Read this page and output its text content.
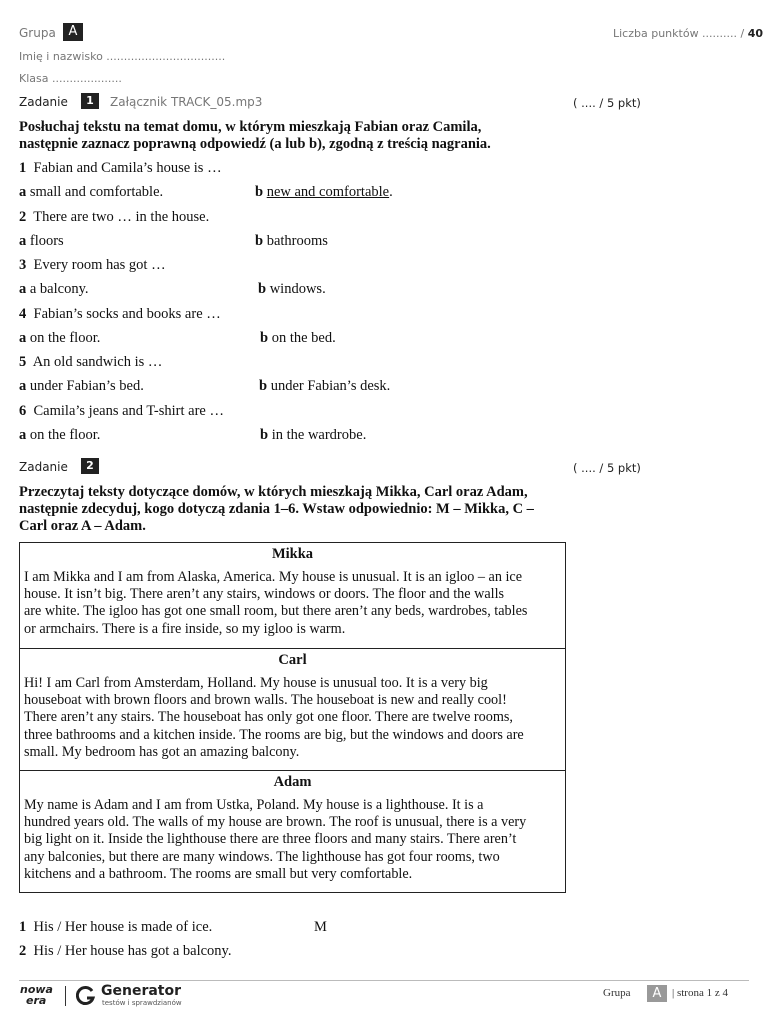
Grupa A	Liczba punktów .......... / 40
Imię i nazwisko ..................................
Klasa ....................
Zadanie	1	Załącznik TRACK_05.mp3	( .... / 5 pkt)
Posłuchaj tekstu na temat domu, w którym mieszkają Fabian oraz Camila,
następnie zaznacz poprawną odpowiedź (a lub b), zgodną z treścią nagrania.
1 Fabian and Camila’s house is …
a small and comfortable.	b new and comfortable.
2 There are two … in the house.
a floors	b bathrooms
3 Every room has got …
a a balcony.	b windows.
4 Fabian’s socks and books are …
a on the floor.	b on the bed.
5 An old sandwich is …
a under Fabian’s bed.	b under Fabian’s desk.
6 Camila’s jeans and T-shirt are …
a on the floor.	b in the wardrobe.
Zadanie	2	( .... / 5 pkt)
Przeczytaj teksty dotyczące domów, w których mieszkają Mikka, Carl oraz Adam,
następnie zdecyduj, kogo dotyczą zdania 1–6. Wstaw odpowiednio: M – Mikka, C –
Carl oraz A – Adam.
Mikka
I am Mikka and I am from Alaska, America. My house is unusual. It is an igloo – an ice
house. It isn’t big. There aren’t any stairs, windows or doors. The floor and the walls
are white. The igloo has got one small room, but there aren’t any beds, wardrobes, tables
or armchairs. There is a fire inside, so my igloo is warm.
Carl
Hi! I am Carl from Amsterdam, Holland. My house is unusual too. It is a very big
houseboat with brown floors and brown walls. The houseboat is new and really cool!
There aren’t any stairs. The houseboat has only got one floor. There are twelve rooms,
three bathrooms and a kitchen inside. The rooms are big, but the windows and doors are
small. My bedroom has got an amazing balcony.
Adam
My name is Adam and I am from Ustka, Poland. My house is a lighthouse. It is a
hundred years old. The walls of my house are brown. The roof is unusual, there is a very
big light on it. Inside the lighthouse there are three floors and many stairs. There aren’t
any balconies, but there are many windows. The lighthouse has got four rooms, two
kitchens and a bathroom. The rooms are small but very comfortable.
1 His / Her house is made of ice.	M
2 His / Her house has got a balcony.
nowa
era
Generator
testów i sprawdzianów
Grupa	A | strona 1 z 4
